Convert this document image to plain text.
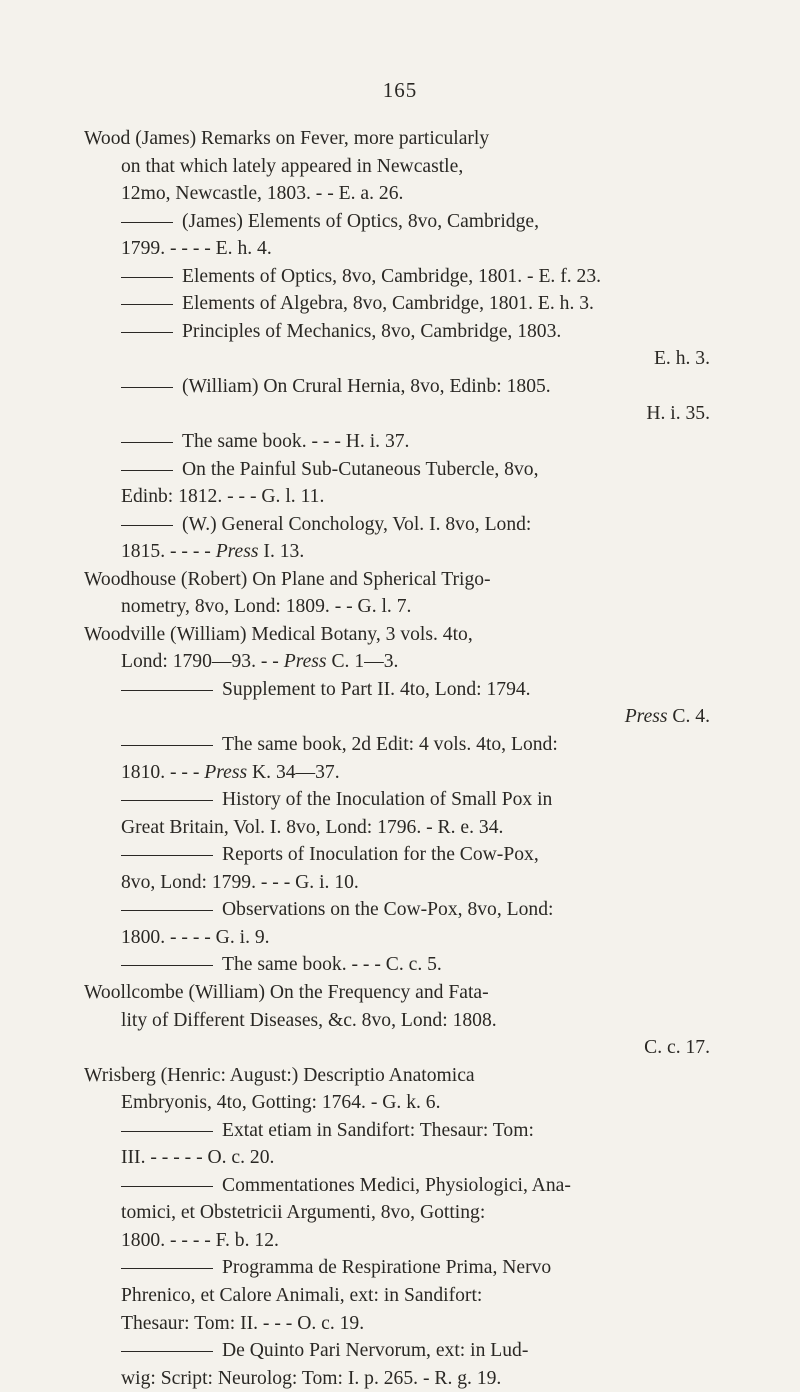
165
Wood (James) Remarks on Fever, more particularly
on that which lately appeared in Newcastle,
12mo, Newcastle, 1803. - - E. a. 26.
(James) Elements of Optics, 8vo, Cambridge,
1799. - - - - E. h. 4.
Elements of Optics, 8vo, Cambridge, 1801. - E. f. 23.
Elements of Algebra, 8vo, Cambridge, 1801. E. h. 3.
Principles of Mechanics, 8vo, Cambridge, 1803.
E. h. 3.
(William) On Crural Hernia, 8vo, Edinb: 1805.
H. i. 35.
The same book. - - - H. i. 37.
On the Painful Sub-Cutaneous Tubercle, 8vo,
Edinb: 1812. - - - G. l. 11.
(W.) General Conchology, Vol. I. 8vo, Lond:
1815. - - - - Press I. 13.
Woodhouse (Robert) On Plane and Spherical Trigo-
nometry, 8vo, Lond: 1809. - - G. l. 7.
Woodville (William) Medical Botany, 3 vols. 4to,
Lond: 1790—93. - - Press C. 1—3.
Supplement to Part II. 4to, Lond: 1794.
Press C. 4.
The same book, 2d Edit: 4 vols. 4to, Lond:
1810. - - - Press K. 34—37.
History of the Inoculation of Small Pox in
Great Britain, Vol. I. 8vo, Lond: 1796. - R. e. 34.
Reports of Inoculation for the Cow-Pox,
8vo, Lond: 1799. - - - G. i. 10.
Observations on the Cow-Pox, 8vo, Lond:
1800. - - - - G. i. 9.
The same book. - - - C. c. 5.
Woollcombe (William) On the Frequency and Fata-
lity of Different Diseases, &c. 8vo, Lond: 1808.
C. c. 17.
Wrisberg (Henric: August:) Descriptio Anatomica
Embryonis, 4to, Gotting: 1764. - G. k. 6.
Extat etiam in Sandifort: Thesaur: Tom:
III. - - - - - O. c. 20.
Commentationes Medici, Physiologici, Ana-
tomici, et Obstetricii Argumenti, 8vo, Gotting:
1800. - - - - F. b. 12.
Programma de Respiratione Prima, Nervo
Phrenico, et Calore Animali, ext: in Sandifort:
Thesaur: Tom: II. - - - O. c. 19.
De Quinto Pari Nervorum, ext: in Lud-
wig: Script: Neurolog: Tom: I. p. 265. - R. g. 19.
